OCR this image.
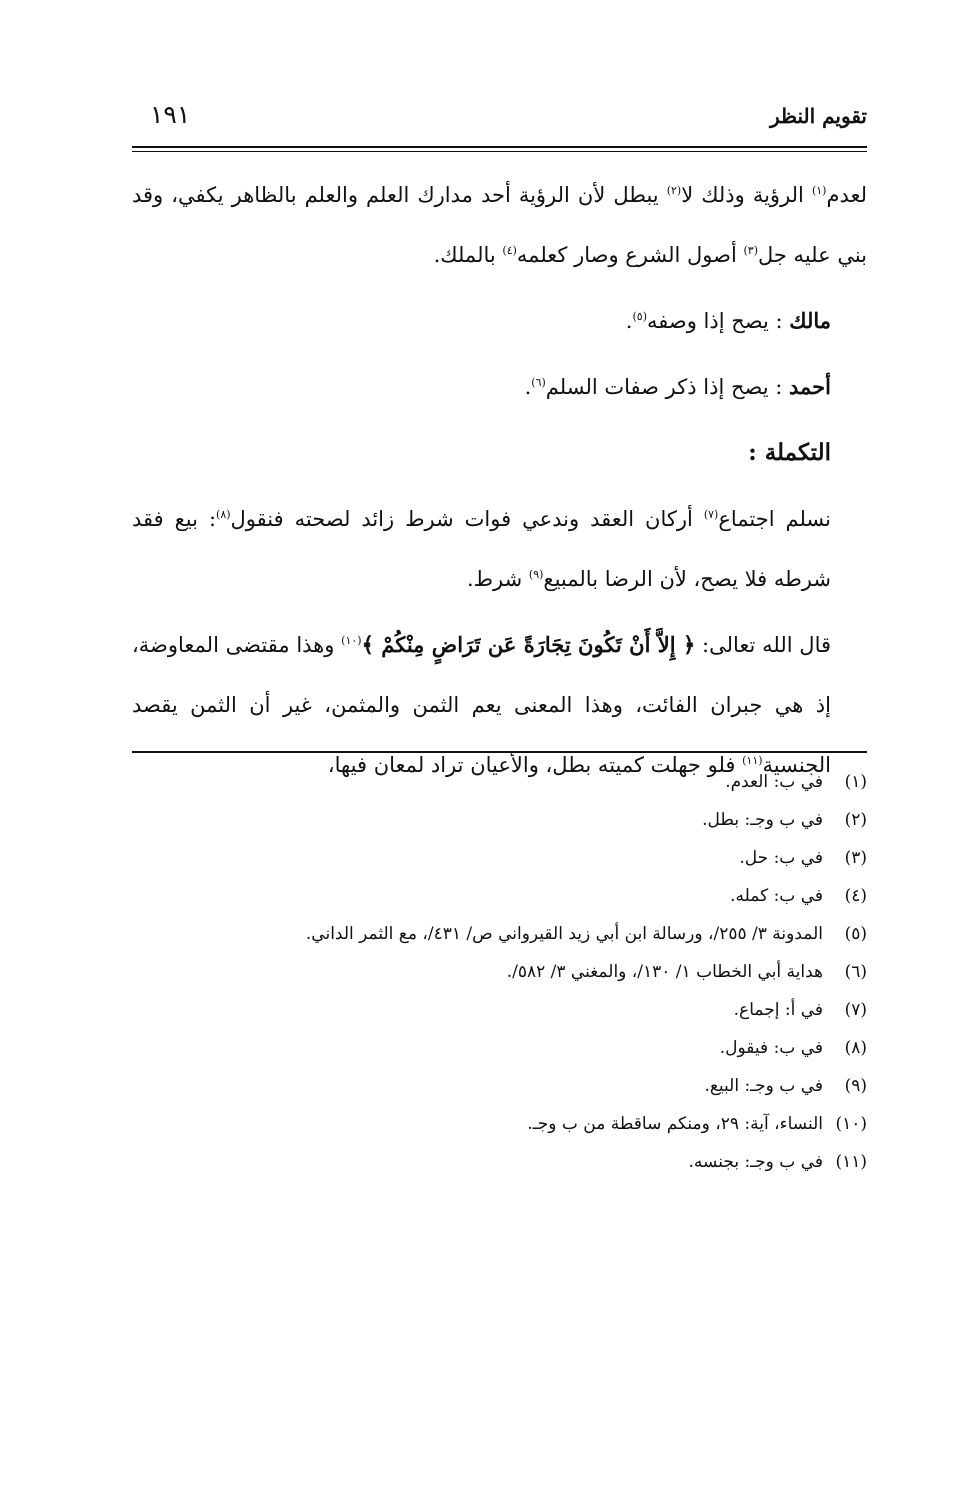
تقويم النظر
١٩١

لعدم$^{(١)}$ الرؤية وذلك لا$^{(٢)}$ يبطل لأن الرؤية أحد مدارك العلم والعلم بالظاهر يكفي، وقد بني عليه جل$^{(٣)}$ أصول الشرع وصار كعلمه$^{(٤)}$ بالملك.

مالك : يصح إذا وصفه$^{(٥)}$.

أحمد : يصح إذا ذكر صفات السلم$^{(٦)}$.

التكملة :

نسلم اجتماع$^{(٧)}$ أركان العقد وندعي فوات شرط زائد لصحته فنقول$^{(٨)}$: بيع فقد شرطه فلا يصح، لأن الرضا بالمبيع$^{(٩)}$ شرط.

قال الله تعالى: ﴿ إِلاَّ أَنْ تَكُونَ تِجَارَةً عَن تَرَاضٍ مِنْكُمْ ﴾$^{(١٠)}$ وهذا مقتضى المعاوضة، إذ هي جبران الفائت، وهذا المعنى يعم الثمن والمثمن، غير أن الثمن يقصد الجنسية$^{(١١)}$ فلو جهلت كميته بطل، والأعيان تراد لمعان فيها،

(١)
في ب: العدم.
(٢)
في ب وجـ: بطل.
(٣)
في ب: حل.
(٤)
في ب: كمله.
(٥)
المدونة ٣/ ٢٥٥/، ورسالة ابن أبي زيد القيرواني ص/ ٤٣١/، مع الثمر الداني.
(٦)
هداية أبي الخطاب ١/ ١٣٠/، والمغني ٣/ ٥٨٢/.
(٧)
في أ: إجماع.
(٨)
في ب: فيقول.
(٩)
في ب وجـ: البيع.
(١٠)
النساء، آية: ٢٩، ومنكم ساقطة من ب وجـ.
(١١)
في ب وجـ: بجنسه.
